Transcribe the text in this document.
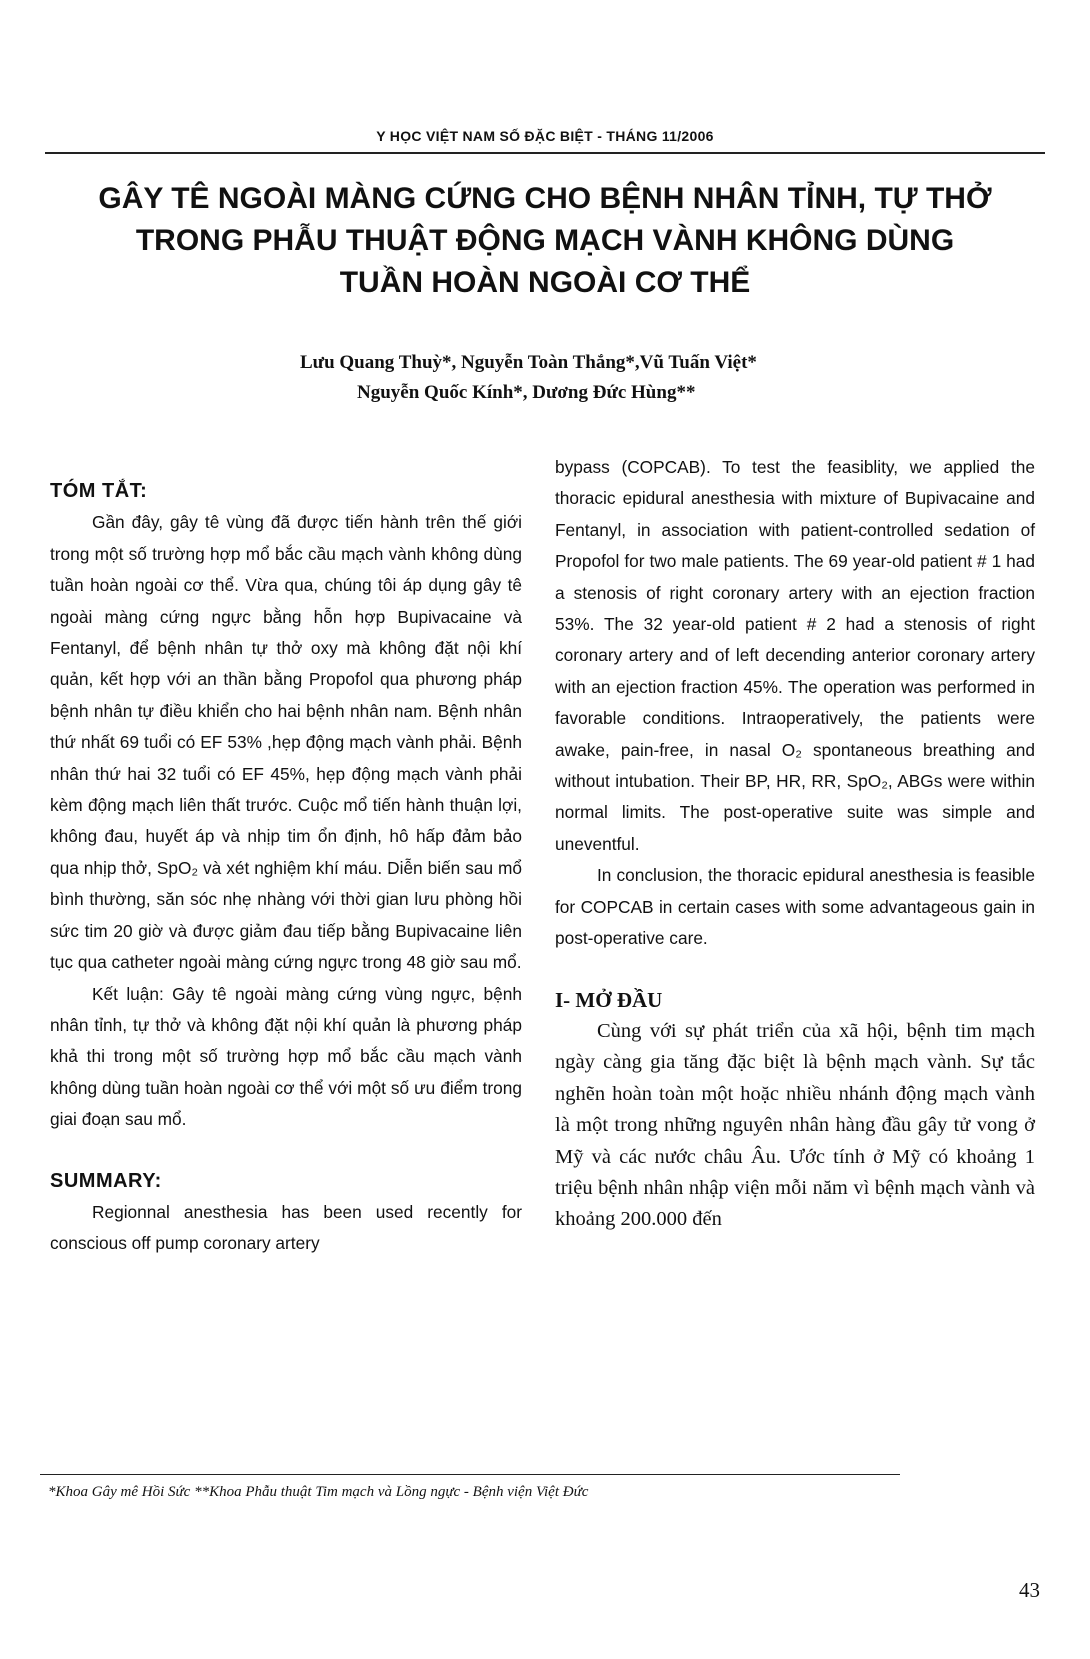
Y HỌC VIỆT NAM SỐ ĐẶC BIỆT - THÁNG 11/2006
GÂY TÊ NGOÀI MÀNG CỨNG CHO BỆNH NHÂN TỈNH, TỰ THỞ
TRONG PHẪU THUẬT ĐỘNG MẠCH VÀNH KHÔNG DÙNG
TUẦN HOÀN NGOÀI CƠ THỂ
Lưu Quang Thuỳ*, Nguyễn Toàn Thắng*,Vũ Tuấn Việt*
Nguyễn Quốc Kính*, Dương Đức Hùng**
TÓM TẮT:

Gần đây, gây tê vùng đã được tiến hành trên thế giới trong một số trường hợp mổ bắc cầu mạch vành không dùng tuần hoàn ngoài cơ thể. Vừa qua, chúng tôi áp dụng gây tê ngoài màng cứng ngực bằng hỗn hợp Bupivacaine và Fentanyl, để bệnh nhân tự thở oxy mà không đặt nội khí quản, kết hợp với an thần bằng Propofol qua phương pháp bệnh nhân tự điều khiển cho hai bệnh nhân nam. Bệnh nhân thứ nhất 69 tuổi có EF 53% ,hẹp động mạch vành phải. Bệnh nhân thứ hai 32 tuổi có EF 45%, hẹp động mạch vành phải kèm động mạch liên thất trước. Cuộc mổ tiến hành thuận lợi, không đau, huyết áp và nhịp tim ổn định, hô hấp đảm bảo qua nhịp thở, SpO₂ và xét nghiệm khí máu. Diễn biến sau mổ bình thường, săn sóc nhẹ nhàng với thời gian lưu phòng hồi sức tim 20 giờ và được giảm đau tiếp bằng Bupivacaine liên tục qua catheter ngoài màng cứng ngực trong 48 giờ sau mổ.

Kết luận: Gây tê ngoài màng cứng vùng ngực, bệnh nhân tỉnh, tự thở và không đặt nội khí quản là phương pháp khả thi trong một số trường hợp mổ bắc cầu mạch vành không dùng tuần hoàn ngoài cơ thể với một số ưu điểm trong giai đoạn sau mổ.

SUMMARY:

Regionnal anesthesia has been used recently for conscious off pump coronary artery

bypass (COPCAB). To test the feasiblity, we applied the thoracic epidural anesthesia with mixture of Bupivacaine and Fentanyl, in association with patient-controlled sedation of Propofol for two male patients. The 69 year-old patient # 1 had a stenosis of right coronary artery with an ejection fraction 53%. The 32 year-old patient # 2 had a stenosis of right coronary artery and of left decending anterior coronary artery with an ejection fraction 45%. The operation was performed in favorable conditions. Intraoperatively, the patients were awake, pain-free, in nasal O₂ spontaneous breathing and without intubation. Their BP, HR, RR, SpO₂, ABGs were within normal limits. The post-operative suite was simple and uneventful.

In conclusion, the thoracic epidural anesthesia is feasible for COPCAB in certain cases with some advantageous gain in post-operative care.

I- MỞ ĐẦU

Cùng với sự phát triển của xã hội, bệnh tim mạch ngày càng gia tăng đặc biệt là bệnh mạch vành. Sự tắc nghẽn hoàn toàn một hoặc nhiều nhánh động mạch vành là một trong những nguyên nhân hàng đầu gây tử vong ở Mỹ và các nước châu Âu. Ước tính ở Mỹ có khoảng 1 triệu bệnh nhân nhập viện mỗi năm vì bệnh mạch vành và khoảng 200.000 đến

*Khoa Gây mê Hồi Sức **Khoa Phẫu thuật Tim mạch và Lồng ngực - Bệnh viện Việt Đức
43
